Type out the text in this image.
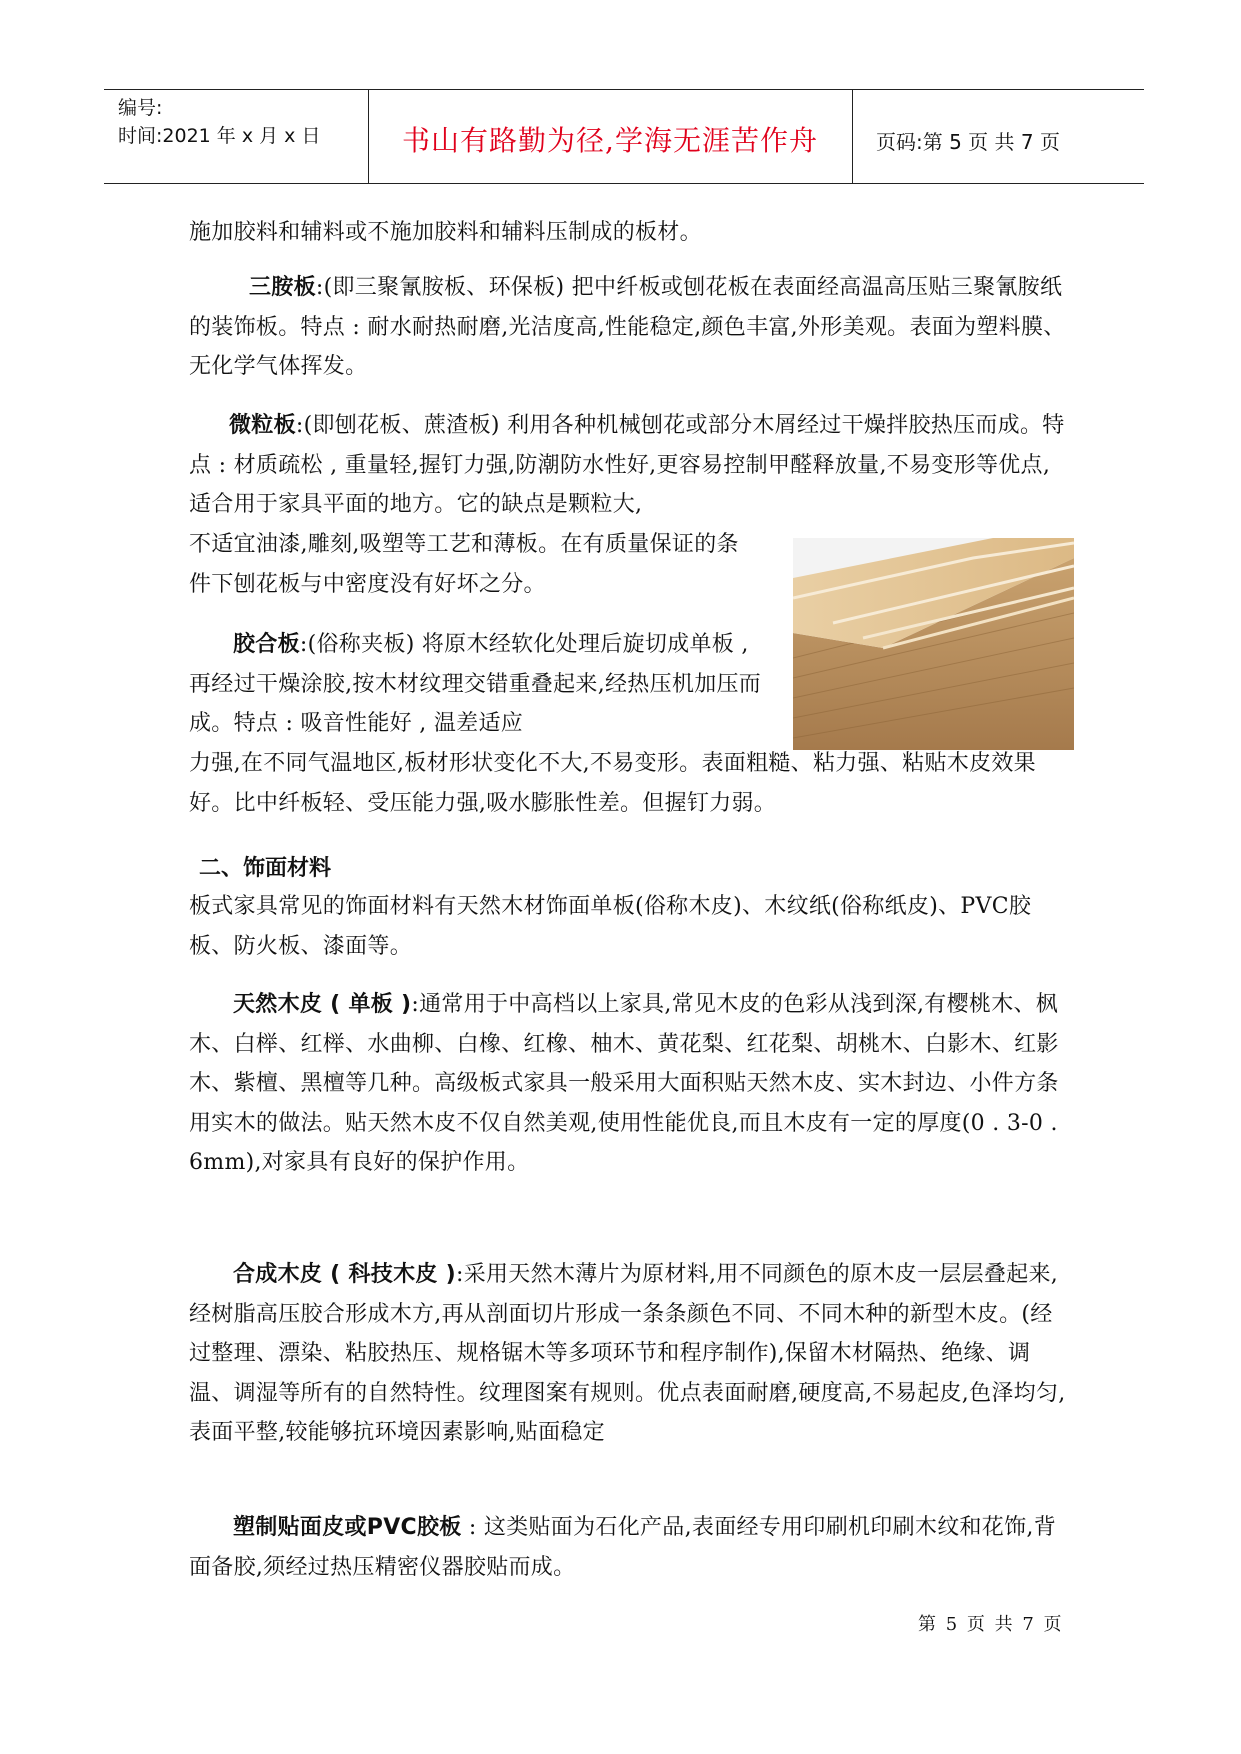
编号:
时间:2021 年 x 月 x 日	书山有路勤为径,学海无涯苦作舟	页码:第 5 页 共 7 页
施加胶料和辅料或不施加胶料和辅料压制成的板材。
三胺板:(即三聚氰胺板、环保板) 把中纤板或刨花板在表面经高温高压贴三聚氰胺纸的装饰板。特点 : 耐水耐热耐磨,光洁度高,性能稳定,颜色丰富,外形美观。表面为塑料膜、无化学气体挥发。
微粒板:(即刨花板、蔗渣板) 利用各种机械刨花或部分木屑经过干燥拌胶热压而成。特点 : 材质疏松 , 重量轻,握钉力强,防潮防水性好,更容易控制甲醛释放量,不易变形等优点,适合用于家具平面的地方。它的缺点是颗粒大,
不适宜油漆,雕刻,吸塑等工艺和薄板。在有质量保证的条件下刨花板与中密度没有好坏之分。
胶合板:(俗称夹板) 将原木经软化处理后旋切成单板 , 再经过干燥涂胶,按木材纹理交错重叠起来,经热压机加压而成。特点 : 吸音性能好 , 温差适应
力强,在不同气温地区,板材形状变化不大,不易变形。表面粗糙、粘力强、粘贴木皮效果好。比中纤板轻、受压能力强,吸水膨胀性差。但握钉力弱。
二、饰面材料
板式家具常见的饰面材料有天然木材饰面单板(俗称木皮)、木纹纸(俗称纸皮)、PVC胶板、防火板、漆面等。
天然木皮 ( 单板 ):通常用于中高档以上家具,常见木皮的色彩从浅到深,有樱桃木、枫木、白榉、红榉、水曲柳、白橡、红橡、柚木、黄花梨、红花梨、胡桃木、白影木、红影木、紫檀、黑檀等几种。高级板式家具一般采用大面积贴天然木皮、实木封边、小件方条用实木的做法。贴天然木皮不仅自然美观,使用性能优良,而且木皮有一定的厚度(0 . 3-0 . 6mm),对家具有良好的保护作用。
合成木皮 ( 科技木皮 ):采用天然木薄片为原材料,用不同颜色的原木皮一层层叠起来,经树脂高压胶合形成木方,再从剖面切片形成一条条颜色不同、不同木种的新型木皮。(经过整理、漂染、粘胶热压、规格锯木等多项环节和程序制作),保留木材隔热、绝缘、调温、调湿等所有的自然特性。纹理图案有规则。优点表面耐磨,硬度高,不易起皮,色泽均匀,表面平整,较能够抗环境因素影响,贴面稳定
塑制贴面皮或PVC胶板 : 这类贴面为石化产品,表面经专用印刷机印刷木纹和花饰,背面备胶,须经过热压精密仪器胶贴而成。
第 5 页 共 7 页
